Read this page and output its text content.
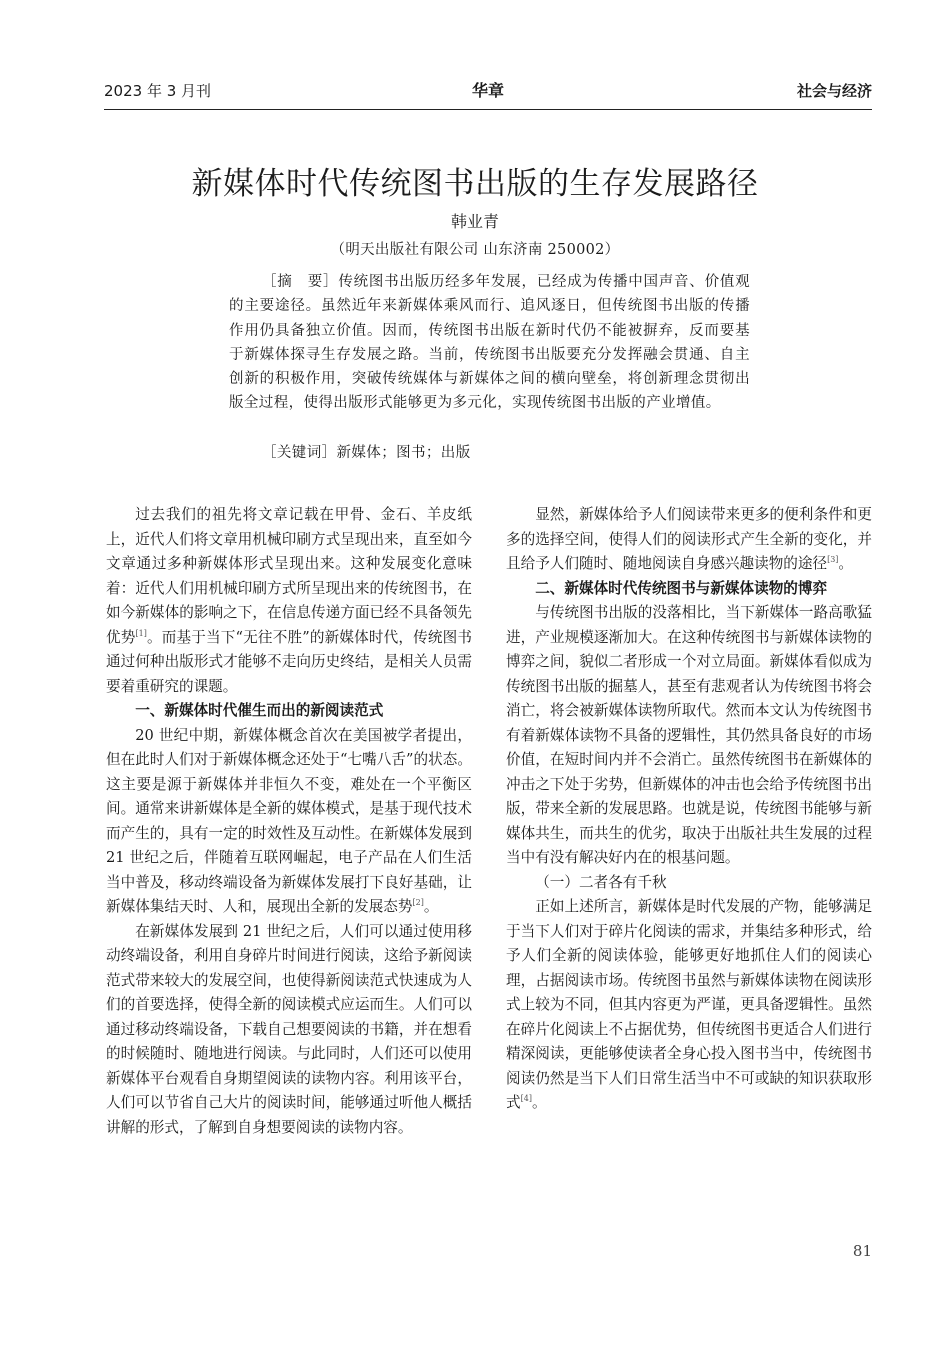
2023 年 3 月刊	华章	社会与经济
新媒体时代传统图书出版的生存发展路径
韩业青
（明天出版社有限公司 山东济南 250002）

［摘　要］传统图书出版历经多年发展，已经成为传播中国声音、价值观的主要途径。虽然近年来新媒体乘风而行、追风逐日，但传统图书出版的传播作用仍具备独立价值。因而，传统图书出版在新时代仍不能被摒弃，反而要基于新媒体探寻生存发展之路。当前，传统图书出版要充分发挥融会贯通、自主创新的积极作用，突破传统媒体与新媒体之间的横向壁垒，将创新理念贯彻出版全过程，使得出版形式能够更为多元化，实现传统图书出版的产业增值。

［关键词］新媒体；图书；出版

过去我们的祖先将文章记载在甲骨、金石、羊皮纸上，近代人们将文章用机械印刷方式呈现出来，直至如今文章通过多种新媒体形式呈现出来。这种发展变化意味着：近代人们用机械印刷方式所呈现出来的传统图书，在如今新媒体的影响之下，在信息传递方面已经不具备领先优势[1]。而基于当下“无往不胜”的新媒体时代，传统图书通过何种出版形式才能够不走向历史终结，是相关人员需要着重研究的课题。

一、新媒体时代催生而出的新阅读范式

20 世纪中期，新媒体概念首次在美国被学者提出，但在此时人们对于新媒体概念还处于“七嘴八舌”的状态。这主要是源于新媒体并非恒久不变，难处在一个平衡区间。通常来讲新媒体是全新的媒体模式，是基于现代技术而产生的，具有一定的时效性及互动性。在新媒体发展到 21 世纪之后，伴随着互联网崛起，电子产品在人们生活当中普及，移动终端设备为新媒体发展打下良好基础，让新媒体集结天时、人和，展现出全新的发展态势[2]。

在新媒体发展到 21 世纪之后，人们可以通过使用移动终端设备，利用自身碎片时间进行阅读，这给予新阅读范式带来较大的发展空间，也使得新阅读范式快速成为人们的首要选择，使得全新的阅读模式应运而生。人们可以通过移动终端设备，下载自己想要阅读的书籍，并在想看的时候随时、随地进行阅读。与此同时，人们还可以使用新媒体平台观看自身期望阅读的读物内容。利用该平台，人们可以节省自己大片的阅读时间，能够通过听他人概括讲解的形式，了解到自身想要阅读的读物内容。

显然，新媒体给予人们阅读带来更多的便利条件和更多的选择空间，使得人们的阅读形式产生全新的变化，并且给予人们随时、随地阅读自身感兴趣读物的途径[3]。

二、新媒体时代传统图书与新媒体读物的博弈

与传统图书出版的没落相比，当下新媒体一路高歌猛进，产业规模逐渐加大。在这种传统图书与新媒体读物的博弈之间，貌似二者形成一个对立局面。新媒体看似成为传统图书出版的掘墓人，甚至有悲观者认为传统图书将会消亡，将会被新媒体读物所取代。然而本文认为传统图书有着新媒体读物不具备的逻辑性，其仍然具备良好的市场价值，在短时间内并不会消亡。虽然传统图书在新媒体的冲击之下处于劣势，但新媒体的冲击也会给予传统图书出版，带来全新的发展思路。也就是说，传统图书能够与新媒体共生，而共生的优劣，取决于出版社共生发展的过程当中有没有解决好内在的根基问题。

（一）二者各有千秋

正如上述所言，新媒体是时代发展的产物，能够满足于当下人们对于碎片化阅读的需求，并集结多种形式，给予人们全新的阅读体验，能够更好地抓住人们的阅读心理，占据阅读市场。传统图书虽然与新媒体读物在阅读形式上较为不同，但其内容更为严谨，更具备逻辑性。虽然在碎片化阅读上不占据优势，但传统图书更适合人们进行精深阅读，更能够使读者全身心投入图书当中，传统图书阅读仍然是当下人们日常生活当中不可或缺的知识获取形式[4]。

81
